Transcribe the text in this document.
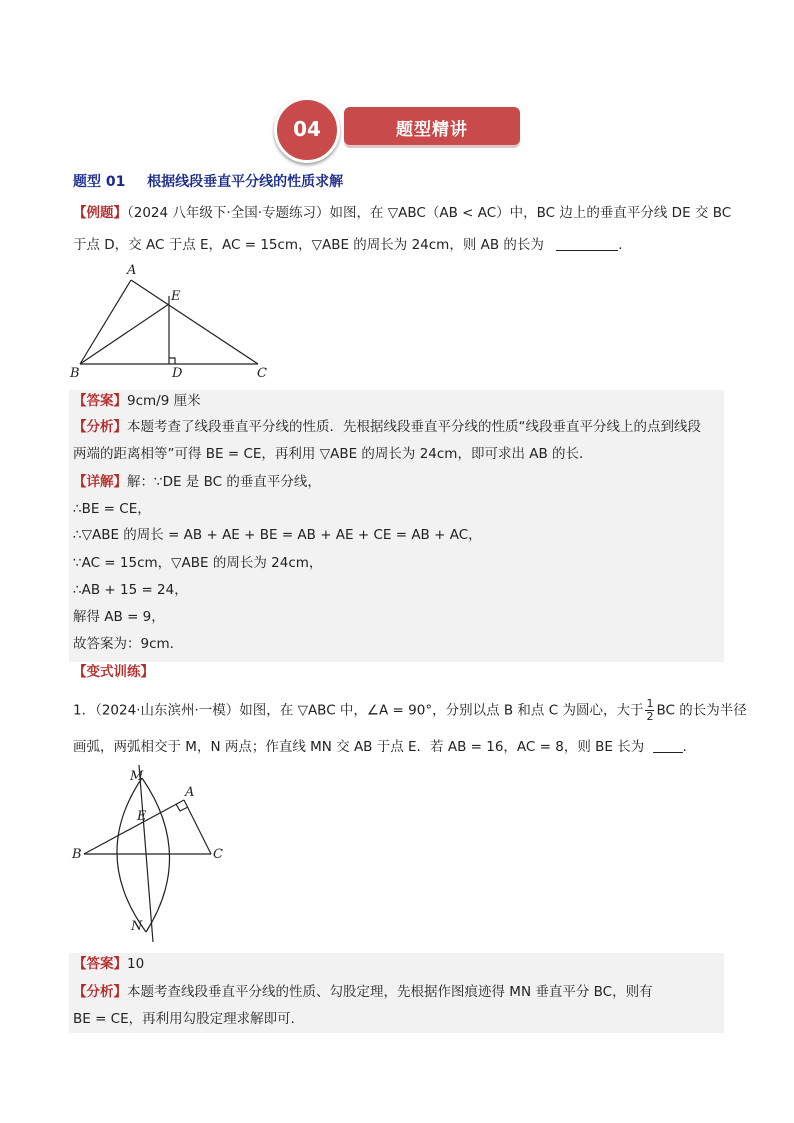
题型精讲
04
题型 01 根据线段垂直平分线的性质求解
【例题】（2024 八年级下·全国·专题练习）如图，在 ▽ABC（AB < AC）中，BC 边上的垂直平分线 DE 交 BC
于点 D，交 AC 于点 E，AC = 15cm，▽ABE 的周长为 24cm，则 AB 的长为	.
A
B	C
D
E
【答案】9cm/9 厘米
【分析】本题考查了线段垂直平分线的性质．先根据线段垂直平分线的性质“线段垂直平分线上的点到线段
两端的距离相等”可得 BE = CE，再利用 ▽ABE 的周长为 24cm，即可求出 AB 的长．
【详解】解：∵DE 是 BC 的垂直平分线，
∴BE = CE，
∴▽ABE 的周长 = AB + AE + BE = AB + AE + CE = AB + AC，
∵AC = 15cm，▽ABE 的周长为 24cm，
∴AB + 15 = 24，
解得 AB = 9，
故答案为：9cm．
【变式训练】
1．（2024·山东滨州·一模）如图，在 ▽ABC 中，∠A = 90°，分别以点 B 和点 C 为圆心，大于 $\frac{1}{2}$ BC 的长为半径
画弧，两弧相交于 M，N 两点；作直线 MN 交 AB 于点 E．若 AB = 16，AC = 8，则 BE 长为	.
M
A
E
B	C
N
【答案】10
【分析】本题考查线段垂直平分线的性质、勾股定理，先根据作图痕迹得 MN 垂直平分 BC，则有
BE = CE，再利用勾股定理求解即可．
